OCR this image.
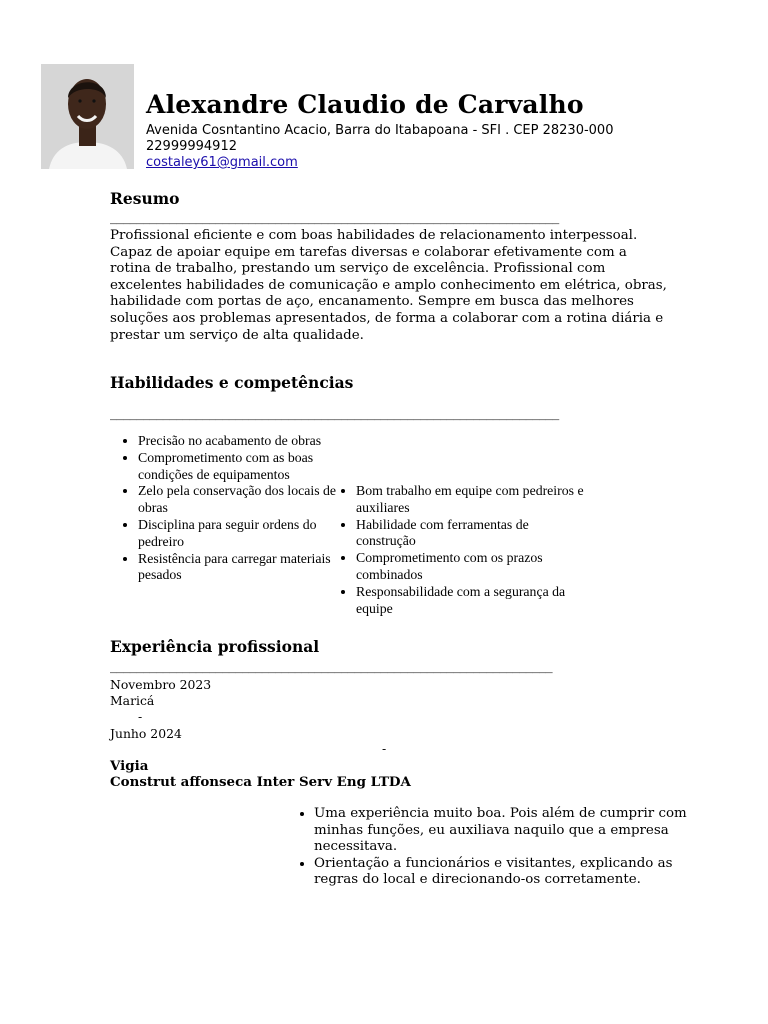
Alexandre Claudio de Carvalho
Avenida Cosntantino Acacio, Barra do Itabapoana - SFI . CEP 28230-000
22999994912
costaley61@gmail.com
Resumo
____________________________________________________________________
Profissional eficiente e com boas habilidades de relacionamento interpessoal. Capaz de apoiar equipe em tarefas diversas e colaborar efetivamente com a rotina de trabalho, prestando um serviço de excelência. Profissional com excelentes habilidades de comunicação e amplo conhecimento em elétrica, obras, habilidade com portas de aço, encanamento. Sempre em busca das melhores soluções aos problemas apresentados, de forma a colaborar com a rotina diária e prestar um serviço de alta qualidade.
Habilidades e competências
____________________________________________________________________
• Precisão no acabamento de obras
• Comprometimento com as boas condições de equipamentos
• Zelo pela conservação dos locais de obras
• Disciplina para seguir ordens do pedreiro
• Resistência para carregar materiais pesados
• Bom trabalho em equipe com pedreiros e auxiliares
• Habilidade com ferramentas de construção
• Comprometimento com os prazos combinados
• Responsabilidade com a segurança da equipe
Experiência profissional
___________________________________________________________________
Novembro 2023
Maricá
-
Junho 2024
-
Vigia
Construt affonseca Inter Serv Eng LTDA
• Uma experiência muito boa. Pois além de cumprir com minhas funções, eu auxiliava naquilo que a empresa necessitava.
• Orientação a funcionários e visitantes, explicando as regras do local e direcionando-os corretamente.
